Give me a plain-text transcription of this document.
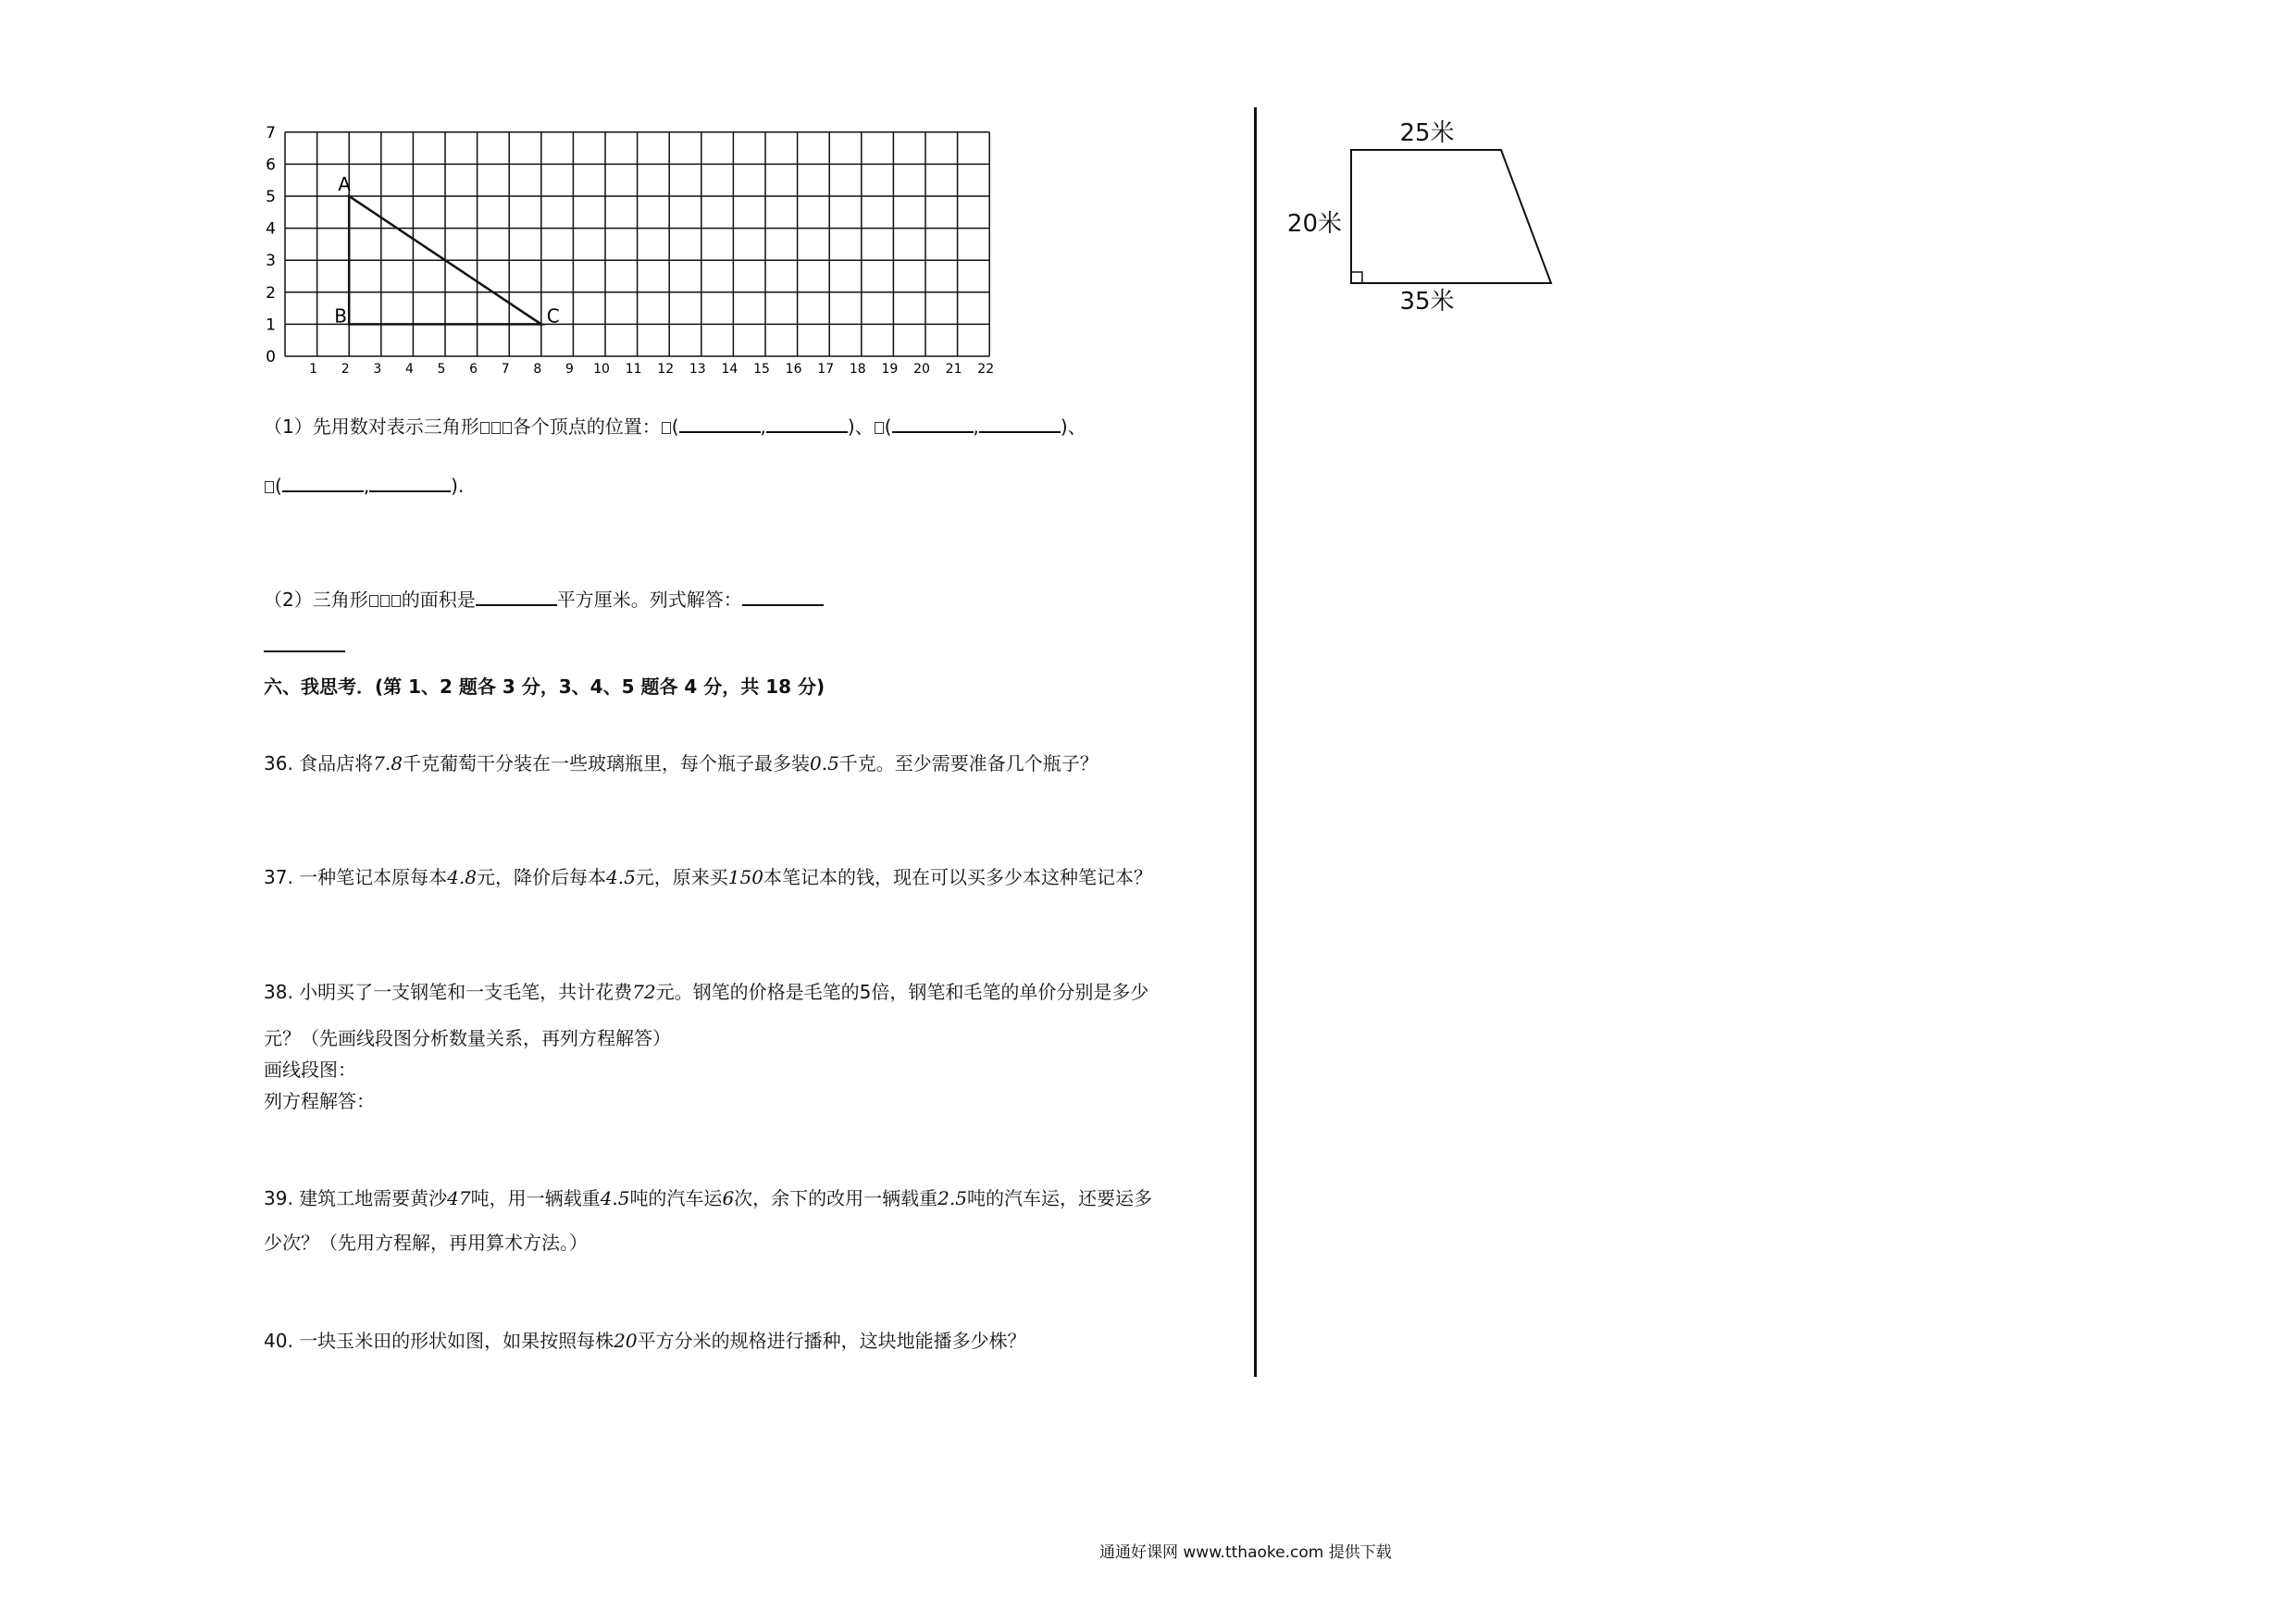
1 2 3 4 5 6 7 8 9 10 11 12 13 14 15 16 17 18 19 20 21 22
0
1
2
3
4
5
6
7
A
B	C
（1）先用数对表示三角形 各个顶点的位置： (	,	)、 (	,	)、
(	,	).
（2）三角形 的面积是	平方厘米。列式解答：
六、我思考．(第 1、2 题各 3 分，3、4、5 题各 4 分，共 18 分)
36. 食品店将7.8千克葡萄干分装在一些玻璃瓶里，每个瓶子最多装0.5千克。至少需要准备几个瓶子？
37. 一种笔记本原每本4.8元，降价后每本4.5元，原来买150本笔记本的钱，现在可以买多少本这种笔记本？
38. 小明买了一支钢笔和一支毛笔，共计花费72元。钢笔的价格是毛笔的5倍，钢笔和毛笔的单价分别是多少
元？（先画线段图分析数量关系，再列方程解答）
画线段图：
列方程解答：
39. 建筑工地需要黄沙47吨，用一辆载重4.5吨的汽车运6次，余下的改用一辆载重2.5吨的汽车运，还要运多
少次？（先用方程解，再用算术方法。）
40. 一块玉米田的形状如图，如果按照每株20平方分米的规格进行播种，这块地能播多少株？
25米
20米
35米
通通好课网 www.tthaoke.com 提供下载
